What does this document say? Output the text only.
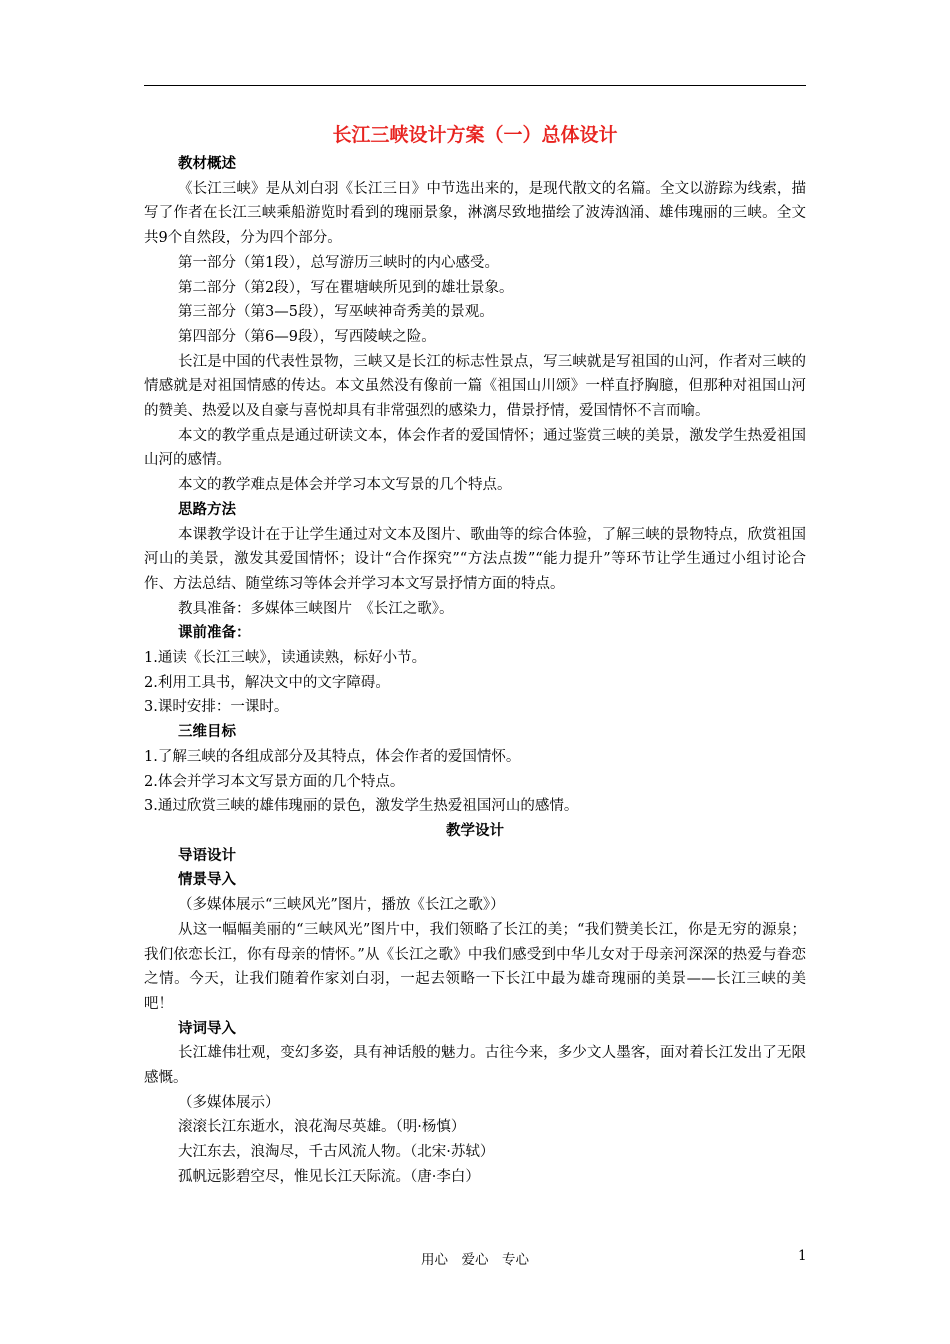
长江三峡设计方案（一）总体设计
教材概述
《长江三峡》是从刘白羽《长江三日》中节选出来的，是现代散文的名篇。全文以游踪为线索，描写了作者在长江三峡乘船游览时看到的瑰丽景象，淋漓尽致地描绘了波涛汹涌、雄伟瑰丽的三峡。全文共9个自然段，分为四个部分。
第一部分（第1段），总写游历三峡时的内心感受。
第二部分（第2段），写在瞿塘峡所见到的雄壮景象。
第三部分（第3—5段），写巫峡神奇秀美的景观。
第四部分（第6—9段），写西陵峡之险。
长江是中国的代表性景物，三峡又是长江的标志性景点，写三峡就是写祖国的山河，作者对三峡的情感就是对祖国情感的传达。本文虽然没有像前一篇《祖国山川颂》一样直抒胸臆，但那种对祖国山河的赞美、热爱以及自豪与喜悦却具有非常强烈的感染力，借景抒情，爱国情怀不言而喻。
本文的教学重点是通过研读文本，体会作者的爱国情怀；通过鉴赏三峡的美景，激发学生热爱祖国山河的感情。
本文的教学难点是体会并学习本文写景的几个特点。
思路方法
本课教学设计在于让学生通过对文本及图片、歌曲等的综合体验，了解三峡的景物特点，欣赏祖国河山的美景，激发其爱国情怀；设计“合作探究”“方法点拨”“能力提升”等环节让学生通过小组讨论合作、方法总结、随堂练习等体会并学习本文写景抒情方面的特点。
教具准备：多媒体三峡图片　《长江之歌》。
课前准备：
1.通读《长江三峡》，读通读熟，标好小节。
2.利用工具书，解决文中的文字障碍。
3.课时安排：一课时。
三维目标
1.了解三峡的各组成部分及其特点，体会作者的爱国情怀。
2.体会并学习本文写景方面的几个特点。
3.通过欣赏三峡的雄伟瑰丽的景色，激发学生热爱祖国河山的感情。
教学设计
导语设计
情景导入
（多媒体展示“三峡风光”图片，播放《长江之歌》）
从这一幅幅美丽的“三峡风光”图片中，我们领略了长江的美；“我们赞美长江，你是无穷的源泉；我们依恋长江，你有母亲的情怀。”从《长江之歌》中我们感受到中华儿女对于母亲河深深的热爱与眷恋之情。今天，让我们随着作家刘白羽，一起去领略一下长江中最为雄奇瑰丽的美景——长江三峡的美吧！
诗词导入
长江雄伟壮观，变幻多姿，具有神话般的魅力。古往今来，多少文人墨客，面对着长江发出了无限感慨。
（多媒体展示）
滚滚长江东逝水，浪花淘尽英雄。（明·杨慎）
大江东去，浪淘尽，千古风流人物。（北宋·苏轼）
孤帆远影碧空尽，惟见长江天际流。（唐·李白）
用心　爱心　专心	1
